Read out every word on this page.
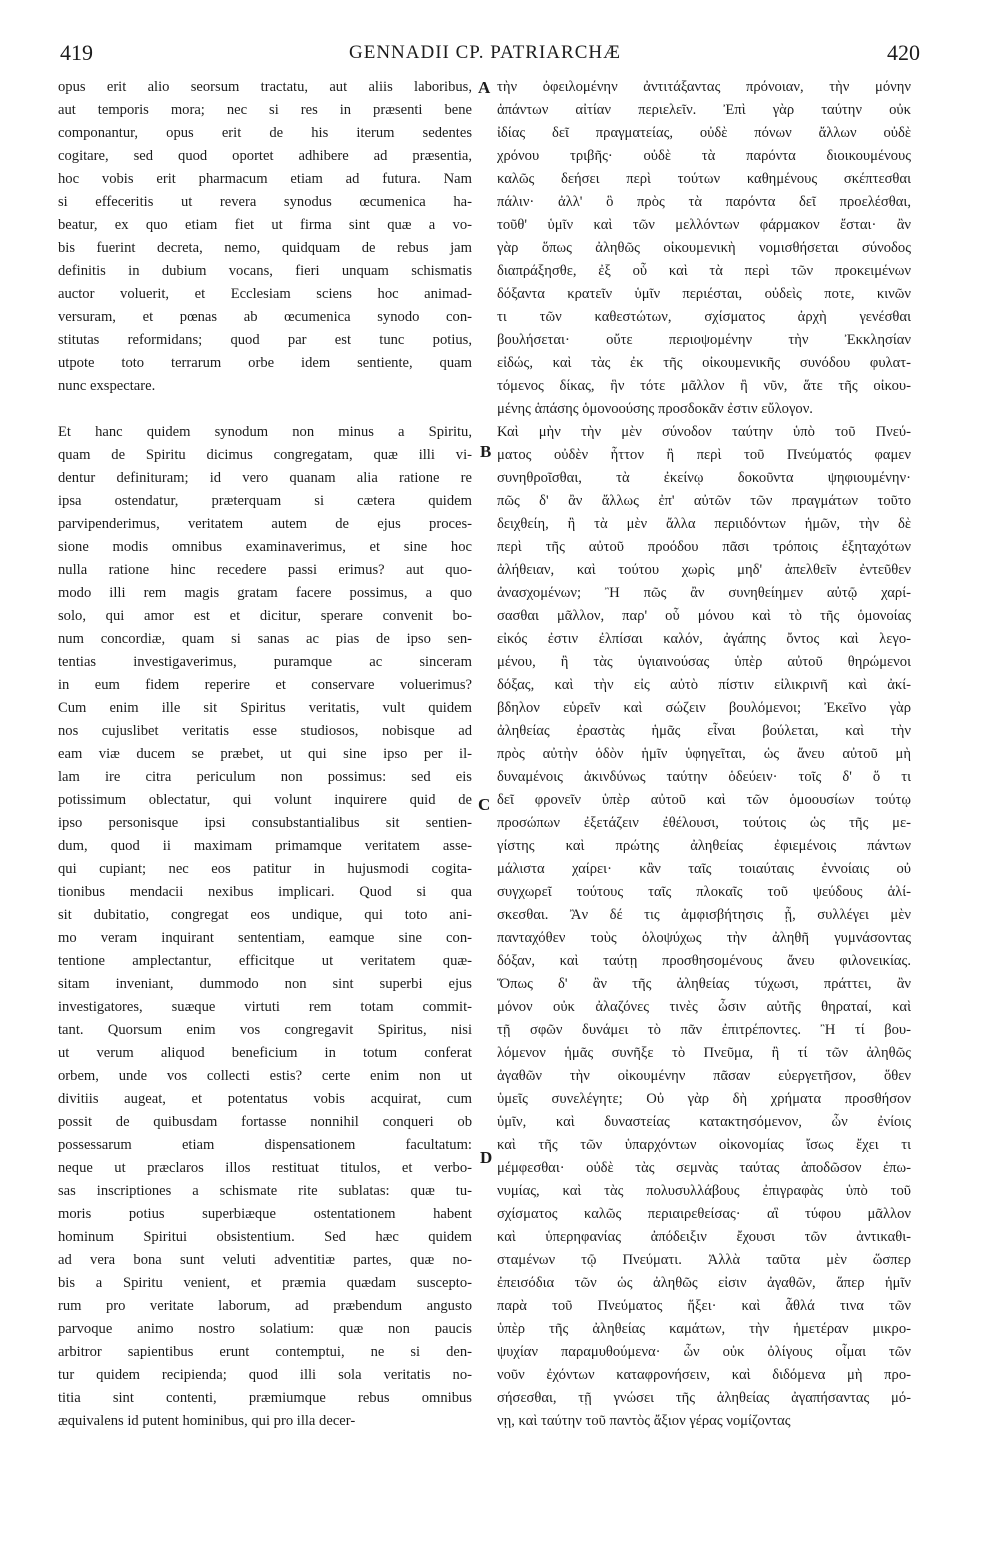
419	GENNADII CP. PATRIARCHÆ	420
A
B
C
D
opus erit alio seorsum tractatu, aut aliis laboribus,
aut temporis mora; nec si res in præsenti bene
componantur, opus erit de his iterum sedentes
cogitare, sed quod oportet adhibere ad præsentia,
hoc vobis erit pharmacum etiam ad futura. Nam
si effeceritis ut revera synodus œcumenica ha-
beatur, ex quo etiam fiet ut firma sint quæ a vo-
bis fuerint decreta, nemo, quidquam de rebus jam
definitis in dubium vocans, fieri unquam schismatis
auctor voluerit, et Ecclesiam sciens hoc animad-
versuram, et pœnas ab œcumenica synodo con-
stitutas reformidans; quod par est tunc potius,
utpote toto terrarum orbe idem sentiente, quam
nunc exspectare.
Et hanc quidem synodum non minus a Spiritu,
quam de Spiritu dicimus congregatam, quæ illi vi-
dentur definituram; id vero quanam alia ratione re
ipsa ostendatur, præterquam si cætera quidem
parvipenderimus, veritatem autem de ejus proces-
sione modis omnibus examinaverimus, et sine hoc
nulla ratione hinc recedere passi erimus? aut quo-
modo illi rem magis gratam facere possimus, a quo
solo, qui amor est et dicitur, sperare convenit bo-
num concordiæ, quam si sanas ac pias de ipso sen-
tentias investigaverimus, puramque ac sinceram
in eum fidem reperire et conservare voluerimus?
Cum enim ille sit Spiritus veritatis, vult quidem
nos cujuslibet veritatis esse studiosos, nobisque ad
eam viæ ducem se præbet, ut qui sine ipso per il-
lam ire citra periculum non possimus: sed eis
potissimum oblectatur, qui volunt inquirere quid de
ipso personisque ipsi consubstantialibus sit sentien-
dum, quod ii maximam primamque veritatem asse-
qui cupiant; nec eos patitur in hujusmodi cogita-
tionibus mendacii nexibus implicari. Quod si qua
sit dubitatio, congregat eos undique, qui toto ani-
mo veram inquirant sententiam, eamque sine con-
tentione amplectantur, efficitque ut veritatem quæ-
sitam inveniant, dummodo non sint superbi ejus
investigatores, suæque virtuti rem totam commit-
tant. Quorsum enim vos congregavit Spiritus, nisi
ut verum aliquod beneficium in totum conferat
orbem, unde vos collecti estis? certe enim non ut
divitiis augeat, et potentatus vobis acquirat, cum
possit de quibusdam fortasse nonnihil conqueri ob
possessarum etiam dispensationem facultatum:
neque ut præclaros illos restituat titulos, et verbo-
sas inscriptiones a schismate rite sublatas: quæ tu-
moris potius superbiæque ostentationem habent
hominum Spiritui obsistentium. Sed hæc quidem
ad vera bona sunt veluti adventitiæ partes, quæ no-
bis a Spiritu venient, et præmia quædam suscepto-
rum pro veritate laborum, ad præbendum angusto
parvoque animo nostro solatium: quæ non paucis
arbitror sapientibus erunt contemptui, ne si den-
tur quidem recipienda; quod illi sola veritatis no-
titia sint contenti, præmiumque rebus omnibus
æquivalens id putent hominibus, qui pro illa decer-
τὴν ὀφειλομένην ἀντιτάξαντας πρόνοιαν, τὴν μόνην
ἁπάντων αἰτίαν περιελεῖν. Ἐπὶ γὰρ ταύτην οὐκ
ἰδίας δεῖ πραγματείας, οὐδὲ πόνων ἄλλων οὐδὲ
χρόνου τριβῆς· οὐδὲ τὰ παρόντα διοικουμένους
καλῶς δεήσει περὶ τούτων καθημένους σκέπτεσθαι
πάλιν· ἀλλ' ὃ πρὸς τὰ παρόντα δεῖ προελέσθαι,
τοῦθ' ὑμῖν καὶ τῶν μελλόντων φάρμακον ἔσται· ἂν
γὰρ ὅπως ἀληθῶς οἰκουμενικὴ νομισθήσεται σύνοδος
διαπράξησθε, ἐξ οὗ καὶ τὰ περὶ τῶν προκειμένων
δόξαντα κρατεῖν ὑμῖν περιέσται, οὐδεὶς ποτε, κινῶν
τι τῶν καθεστώτων, σχίσματος ἀρχὴ γενέσθαι
βουλήσεται· οὔτε περιοψομένην τὴν Ἐκκλησίαν
εἰδώς, καὶ τὰς ἐκ τῆς οἰκουμενικῆς συνόδου φυλατ-
τόμενος δίκας, ἣν τότε μᾶλλον ἢ νῦν, ἅτε τῆς οἰκου-
μένης ἁπάσης ὁμονοούσης προσδοκᾶν ἐστιν εὔλογον.
Καὶ μὴν τὴν μὲν σύνοδον ταύτην ὑπὸ τοῦ Πνεύ-
ματος οὐδὲν ἧττον ἢ περὶ τοῦ Πνεύματός φαμεν
συνηθροῖσθαι, τὰ ἐκείνῳ δοκοῦντα ψηφιουμένην·
πῶς δ' ἂν ἄλλως ἐπ' αὐτῶν τῶν πραγμάτων τοῦτο
δειχθείη, ἢ τὰ μὲν ἄλλα περιιδόντων ἡμῶν, τὴν δὲ
περὶ τῆς αὐτοῦ προόδου πᾶσι τρόποις ἐξηταχότων
ἀλήθειαν, καὶ τούτου χωρὶς μηδ' ἀπελθεῖν ἐντεῦθεν
ἀνασχομένων; Ἢ πῶς ἂν συνηθείημεν αὐτῷ χαρί-
σασθαι μᾶλλον, παρ' οὗ μόνου καὶ τὸ τῆς ὁμονοίας
εἰκός ἐστιν ἐλπίσαι καλόν, ἀγάπης ὄντος καὶ λεγο-
μένου, ἢ τὰς ὑγιαινούσας ὑπὲρ αὐτοῦ θηρώμενοι
δόξας, καὶ τὴν εἰς αὐτὸ πίστιν εἰλικρινῆ καὶ ἀκί-
βδηλον εὑρεῖν καὶ σώζειν βουλόμενοι; Ἐκεῖνο γὰρ
ἀληθείας ἐραστὰς ἡμᾶς εἶναι βούλεται, καὶ τὴν
πρὸς αὐτὴν ὁδὸν ἡμῖν ὑφηγεῖται, ὡς ἄνευ αὐτοῦ μὴ
δυναμένοις ἀκινδύνως ταύτην ὁδεύειν· τοῖς δ' ὅ τι
δεῖ φρονεῖν ὑπὲρ αὐτοῦ καὶ τῶν ὁμοουσίων τούτῳ
προσώπων ἐξετάζειν ἐθέλουσι, τούτοις ὡς τῆς με-
γίστης καὶ πρώτης ἀληθείας ἐφιεμένοις πάντων
μάλιστα χαίρει· κἂν ταῖς τοιαύταις ἐννοίαις οὐ
συγχωρεῖ τούτους ταῖς πλοκαῖς τοῦ ψεύδους ἁλί-
σκεσθαι. Ἂν δέ τις ἀμφισβήτησις ᾖ, συλλέγει μὲν
πανταχόθεν τοὺς ὁλοψύχως τὴν ἀληθῆ γυμνάσοντας
δόξαν, καὶ ταύτῃ προσθησομένους ἄνευ φιλονεικίας.
Ὅπως δ' ἂν τῆς ἀληθείας τύχωσι, πράττει, ἂν
μόνον οὐκ ἀλαζόνες τινὲς ὦσιν αὐτῆς θηραταί, καὶ
τῇ σφῶν δυνάμει τὸ πᾶν ἐπιτρέποντες. Ἢ τί βου-
λόμενον ἡμᾶς συνῆξε τὸ Πνεῦμα, ἢ τί τῶν ἀληθῶς
ἀγαθῶν τὴν οἰκουμένην πᾶσαν εὐεργετῆσον, ὅθεν
ὑμεῖς συνελέγητε; Οὐ γὰρ δὴ χρήματα προσθήσον
ὑμῖν, καὶ δυναστείας κατακτησόμενον, ὧν ἐνίοις
καὶ τῆς τῶν ὑπαρχόντων οἰκονομίας ἴσως ἔχει τι
μέμφεσθαι· οὐδὲ τὰς σεμνὰς ταύτας ἀποδῶσον ἐπω-
νυμίας, καὶ τὰς πολυσυλλάβους ἐπιγραφὰς ὑπὸ τοῦ
σχίσματος καλῶς περιαιρεθείσας· αἳ τύφου μᾶλλον
καὶ ὑπερηφανίας ἀπόδειξιν ἔχουσι τῶν ἀντικαθι-
σταμένων τῷ Πνεύματι. Ἀλλὰ ταῦτα μὲν ὥσπερ
ἐπεισόδια τῶν ὡς ἀληθῶς εἰσιν ἀγαθῶν, ἅπερ ἡμῖν
παρὰ τοῦ Πνεύματος ἥξει· καὶ ἆθλά τινα τῶν
ὑπὲρ τῆς ἀληθείας καμάτων, τὴν ἡμετέραν μικρο-
ψυχίαν παραμυθούμενα· ὧν οὐκ ὀλίγους οἶμαι τῶν
νοῦν ἐχόντων καταφρονήσειν, καὶ διδόμενα μὴ προ-
σήσεσθαι, τῇ γνώσει τῆς ἀληθείας ἀγαπήσαντας μό-
νῃ, καὶ ταύτην τοῦ παντὸς ἄξιον γέρας νομίζοντας
